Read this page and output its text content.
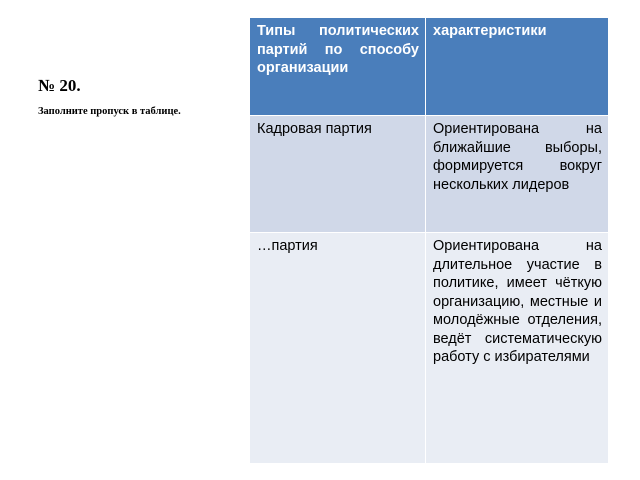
№ 20.

Заполните пропуск в таблице.

Типы политических партий по способу организации	характеристики
Кадровая партия	Ориентирована на ближайшие выборы, формируется вокруг нескольких лидеров
…партия	Ориентирована на длительное участие в политике, имеет чёткую организацию, местные и молодёжные отделения, ведёт систематическую работу с избирателями
